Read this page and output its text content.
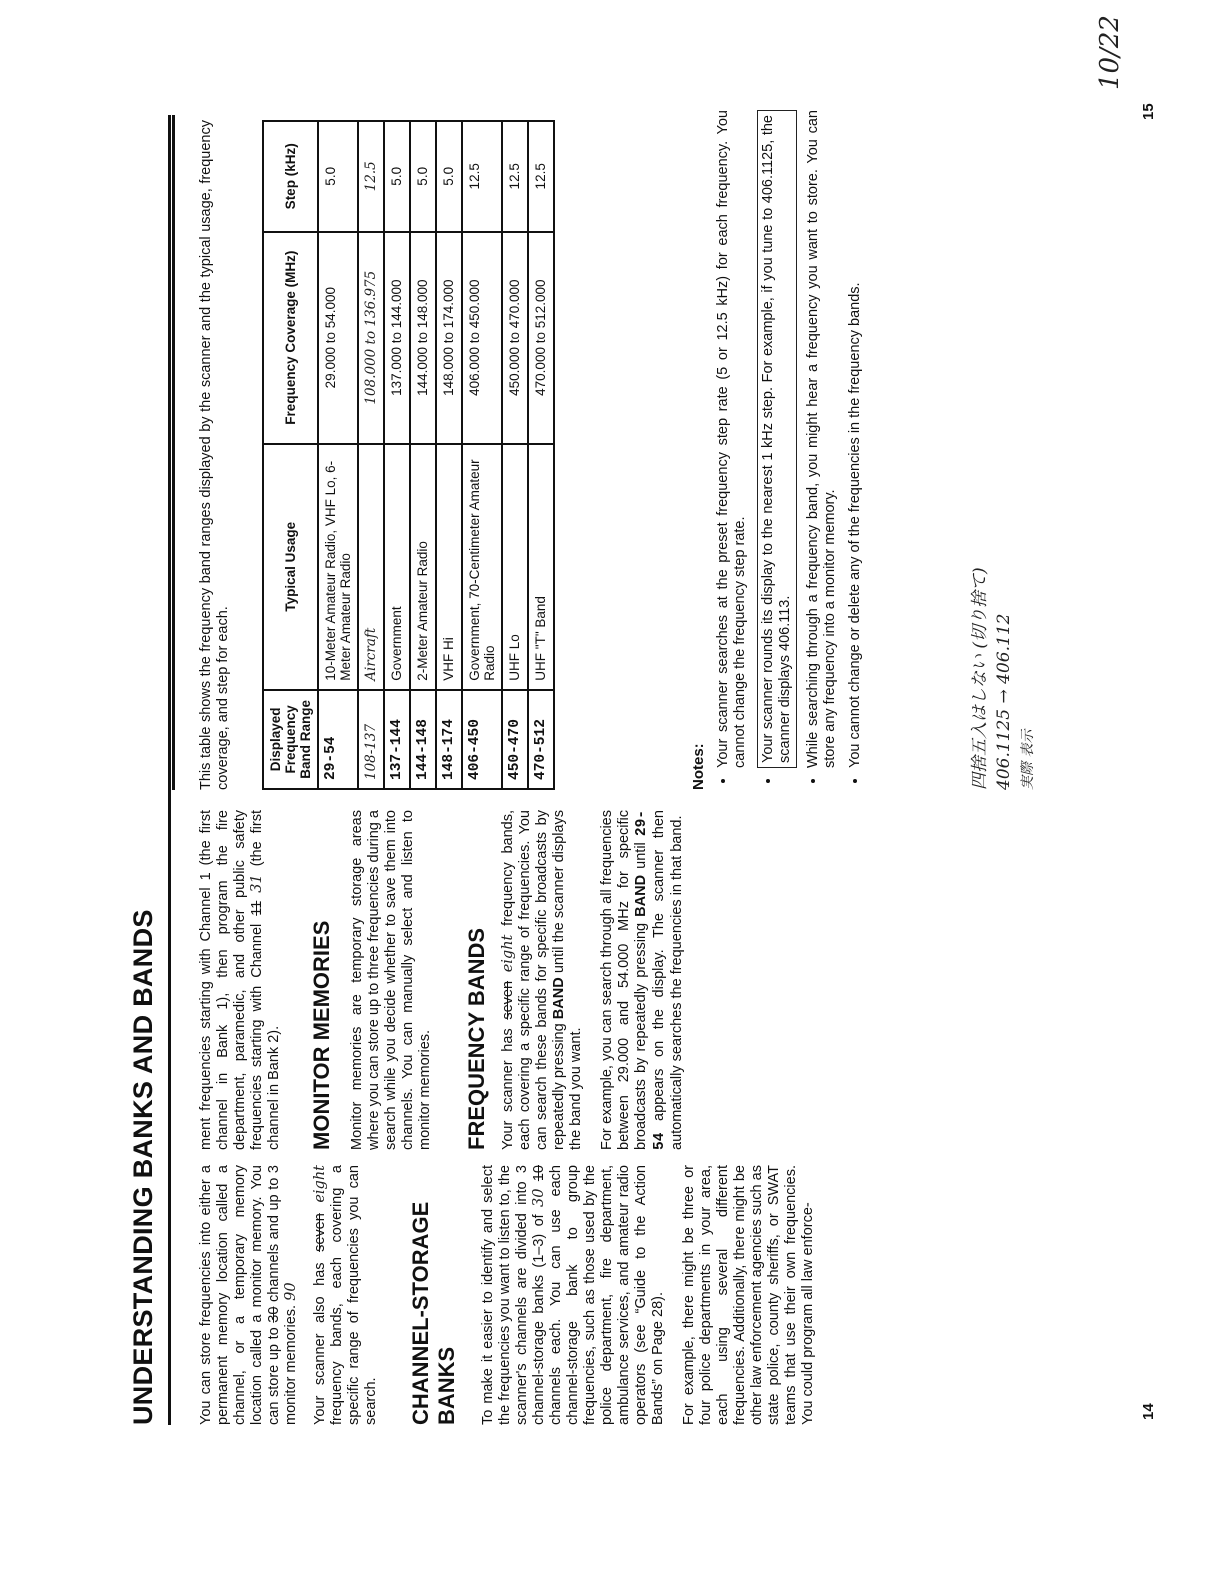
UNDERSTANDING BANKS AND BANDS	You can store frequencies into either a permanent memory location called a channel, or a temporary memory location called a monitor memory. You can store up to 30 channels and up to 3 monitor memories. 90 Your scanner also has seven eight frequency bands, each covering a specific range of frequencies you can search. CHANNEL-STORAGE BANKS To make it easier to identify and select the frequencies you want to listen to, the scanner's channels are divided into 3 channel-storage banks (1–3) of 30 10 channels each. You can use each channel-storage bank to group frequencies, such as those used by the police department, fire department, ambulance services, and amateur radio operators (see “Guide to the Action Bands” on Page 28). For example, there might be three or four police departments in your area, each using several different frequencies. Additionally, there might be other law enforcement agencies such as state police, county sheriffs, or SWAT teams that use their own frequencies. You could program all law enforce-

ment frequencies starting with Channel 1 (the first channel in Bank 1), then program the fire department, paramedic, and other public safety frequencies starting with Channel 11 31 (the first channel in Bank 2). MONITOR MEMORIES Monitor memories are temporary storage areas where you can store up to three frequencies during a search while you decide whether to save them into channels. You can manually select and listen to monitor memories. FREQUENCY BANDS Your scanner has seven eight frequency bands, each covering a specific range of frequencies. You can search these bands for specific broadcasts by repeatedly pressing BAND until the scanner displays the band you want. For example, you can search through all frequencies between 29.000 and 54.000 MHz for specific broadcasts by repeatedly pressing BAND until 29-54 appears on the display. The scanner then automatically searches the frequencies in that band.

This table shows the frequency band ranges displayed by the scanner and the typical usage, frequency coverage, and step for each.	Displayed Frequency Band Range	Typical Usage	Frequency Coverage (MHz)	Step (kHz)
29-54	10-Meter Amateur Radio, VHF Lo, 6-Meter Amateur Radio	29.000 to 54.000	5.0
108-137	Aircraft	108.000 to 136.975	12.5
137-144	Government	137.000 to 144.000	5.0
144-148	2-Meter Amateur Radio	144.000 to 148.000	5.0
148-174	VHF Hi	148.000 to 174.000	5.0
406-450	Government, 70-Centimeter Amateur Radio	406.000 to 450.000	12.5
450-470	UHF Lo	450.000 to 470.000	12.5
470-512	UHF "T" Band	470.000 to 512.000	12.5
Notes: • Your scanner searches at the preset frequency step rate (5 or 12.5 kHz) for each frequency. You cannot change the frequency step rate. • Your scanner rounds its display to the nearest 1 kHz step. For example, if you tune to 406.1125, the scanner displays 406.113. • While searching through a frequency band, you might hear a frequency you want to store. You can store any frequency into a monitor memory. • You cannot change or delete any of the frequencies in the frequency bands.	四捨五入はしない (切り捨て) 406.1125 → 406.112 実際 表示
14
15
10/22
